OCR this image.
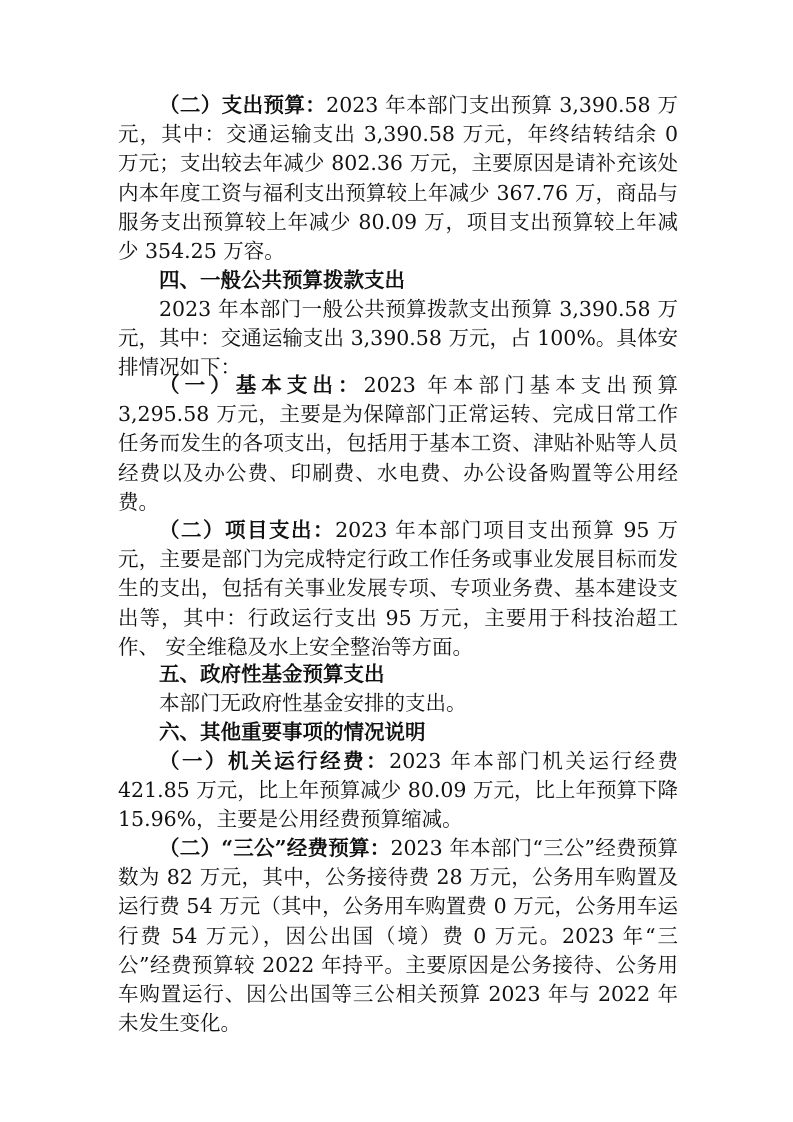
（二）支出预算：2023 年本部门支出预算 3,390.58 万元，其中：交通运输支出 3,390.58 万元，年终结转结余 0 万元；支出较去年减少 802.36 万元，主要原因是请补充该处内本年度工资与福利支出预算较上年减少 367.76 万，商品与服务支出预算较上年减少 80.09 万，项目支出预算较上年减少 354.25 万容。

四、一般公共预算拨款支出

2023 年本部门一般公共预算拨款支出预算 3,390.58 万元，其中：交通运输支出 3,390.58 万元，占 100%。具体安排情况如下：

（一）基本支出：2023 年本部门基本支出预算 3,295.58 万元，主要是为保障部门正常运转、完成日常工作任务而发生的各项支出，包括用于基本工资、津贴补贴等人员经费以及办公费、印刷费、水电费、办公设备购置等公用经费。

（二）项目支出：2023 年本部门项目支出预算 95 万元，主要是部门为完成特定行政工作任务或事业发展目标而发生的支出，包括有关事业发展专项、专项业务费、基本建设支出等，其中：行政运行支出 95 万元，主要用于科技治超工作、 安全维稳及水上安全整治等方面。

五、政府性基金预算支出

本部门无政府性基金安排的支出。

六、其他重要事项的情况说明

（一）机关运行经费：2023 年本部门机关运行经费 421.85 万元，比上年预算减少 80.09 万元，比上年预算下降 15.96%，主要是公用经费预算缩减。

（二）“三公”经费预算：2023 年本部门“三公”经费预算数为 82 万元，其中，公务接待费 28 万元，公务用车购置及运行费 54 万元（其中，公务用车购置费 0 万元，公务用车运行费 54 万元），因公出国（境）费 0 万元。2023 年“三公”经费预算较 2022 年持平。主要原因是公务接待、公务用车购置运行、因公出国等三公相关预算 2023 年与 2022 年未发生变化。
